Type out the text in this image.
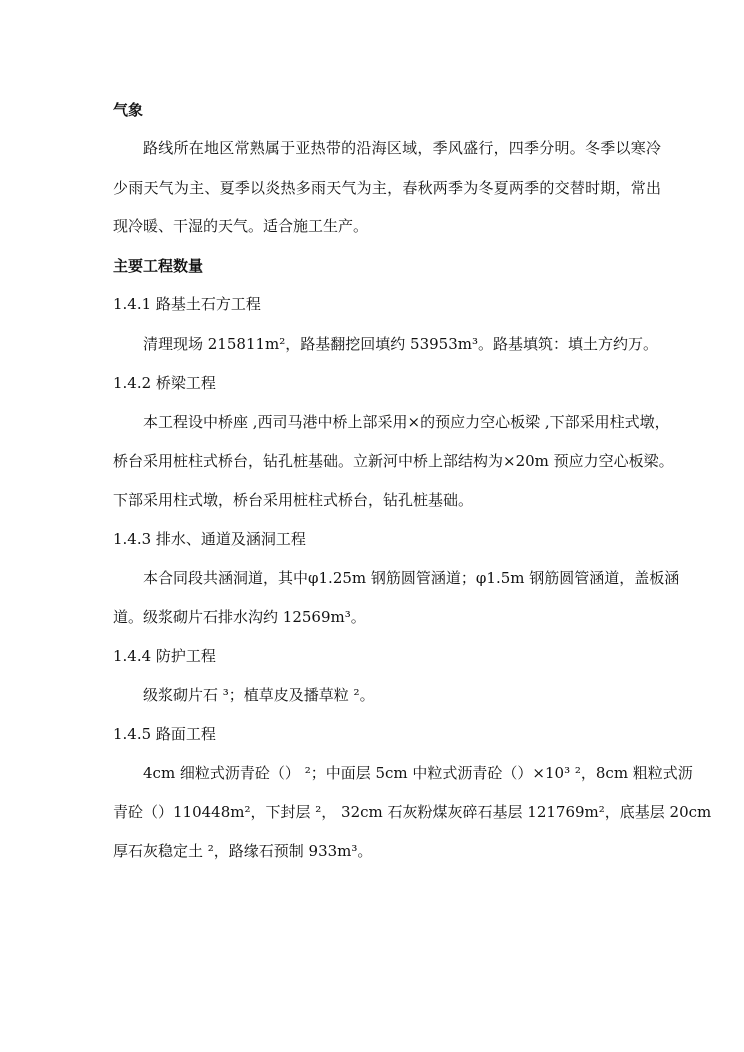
气象
路线所在地区常熟属于亚热带的沿海区域，季风盛行，四季分明。冬季以寒冷
少雨天气为主、夏季以炎热多雨天气为主，春秋两季为冬夏两季的交替时期，常出
现冷暖、干湿的天气。适合施工生产。
主要工程数量
1.4.1 路基土石方工程
清理现场 215811m²，路基翻挖回填约 53953m³。路基填筑：填土方约万。
1.4.2 桥梁工程
本工程设中桥座 ,西司马港中桥上部采用×的预应力空心板梁 ,下部采用柱式墩，
桥台采用桩柱式桥台，钻孔桩基础。立新河中桥上部结构为×20m 预应力空心板梁。
下部采用柱式墩，桥台采用桩柱式桥台，钻孔桩基础。
1.4.3 排水、通道及涵洞工程
本合同段共涵洞道，其中φ1.25m 钢筋圆管涵道；φ1.5m 钢筋圆管涵道，盖板涵
道。级浆砌片石排水沟约 12569m³。
1.4.4 防护工程
级浆砌片石 ³；植草皮及播草粒 ²。
1.4.5 路面工程
4cm 细粒式沥青砼（） ²；中面层 5cm 中粒式沥青砼（）×10³ ²，8cm 粗粒式沥
青砼（）110448m²，下封层 ²， 32cm 石灰粉煤灰碎石基层 121769m²，底基层 20cm
厚石灰稳定土 ²，路缘石预制 933m³。
